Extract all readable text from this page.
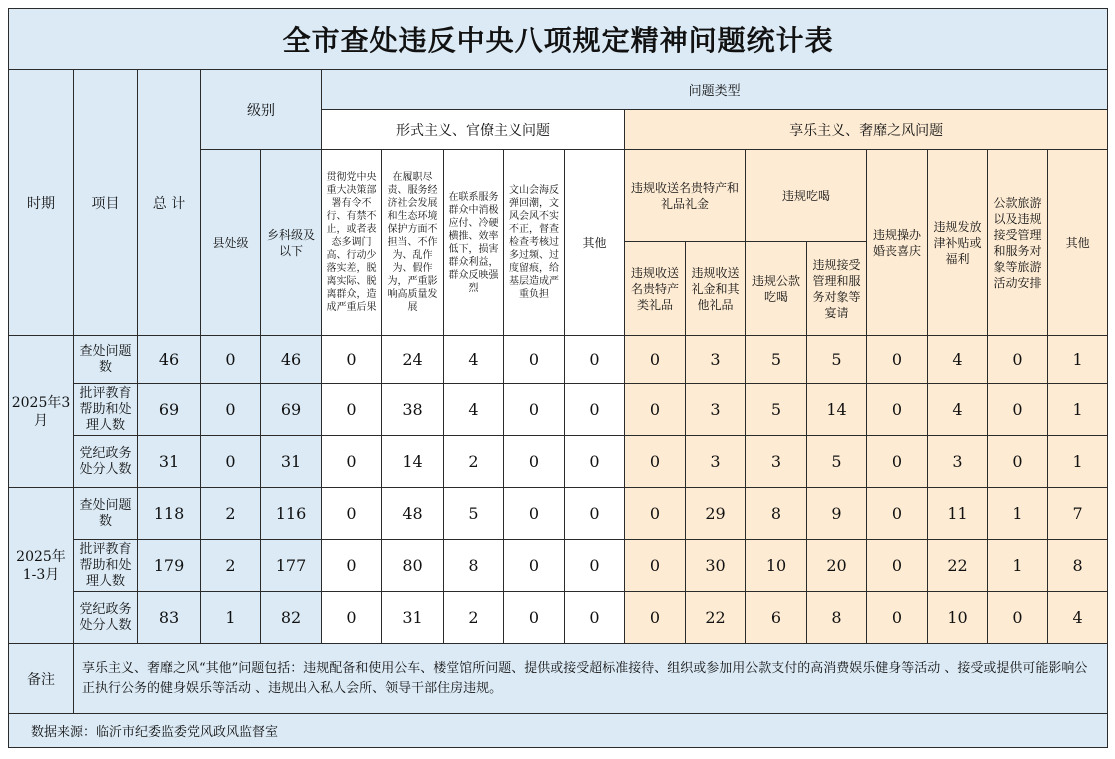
全市查处违反中央八项规定精神问题统计表																	
时期	项目	总 计	级别		问题类型												
					形式主义、官僚主义问题					享乐主义、奢靡之风问题							
			县处级	乡科级及以下	贯彻党中央重大决策部署有令不行、有禁不止，或者表态多调门高、行动少落实差，脱离实际、脱离群众，造成严重后果	在履职尽责、服务经济社会发展和生态环境保护方面不担当、不作为、乱作为、假作为，严重影响高质量发展	在联系服务群众中消极应付、冷硬横推、效率低下，损害群众利益，群众反映强烈	文山会海反弹回潮，文风会风不实不正，督查检查考核过多过频、过度留痕，给基层造成严重负担	其他	违规收送名贵特产和礼品礼金		违规吃喝		违规操办婚丧喜庆	违规发放津补贴或福利	公款旅游以及违规接受管理和服务对象等旅游活动安排	其他
										违规收送名贵特产类礼品	违规收送礼金和其他礼品	违规公款吃喝	违规接受管理和服务对象等宴请				
2025年3月	查处问题数	46	0	46	0	24	4	0	0	0	3	5	5	0	4	0	1
	批评教育帮助和处理人数	69	0	69	0	38	4	0	0	0	3	5	14	0	4	0	1
	党纪政务处分人数	31	0	31	0	14	2	0	0	0	3	3	5	0	3	0	1
2025年1-3月	查处问题数	118	2	116	0	48	5	0	0	0	29	8	9	0	11	1	7
	批评教育帮助和处理人数	179	2	177	0	80	8	0	0	0	30	10	20	0	22	1	8
	党纪政务处分人数	83	1	82	0	31	2	0	0	0	22	6	8	0	10	0	4
备注	享乐主义、奢靡之风“其他”问题包括：违规配备和使用公车、楼堂馆所问题、提供或接受超标准接待、组织或参加用公款支付的高消费娱乐健身等活动 、接受或提供可能影响公正执行公务的健身娱乐等活动 、违规出入私人会所、领导干部住房违规。																
数据来源：临沂市纪委监委党风政风监督室																	
